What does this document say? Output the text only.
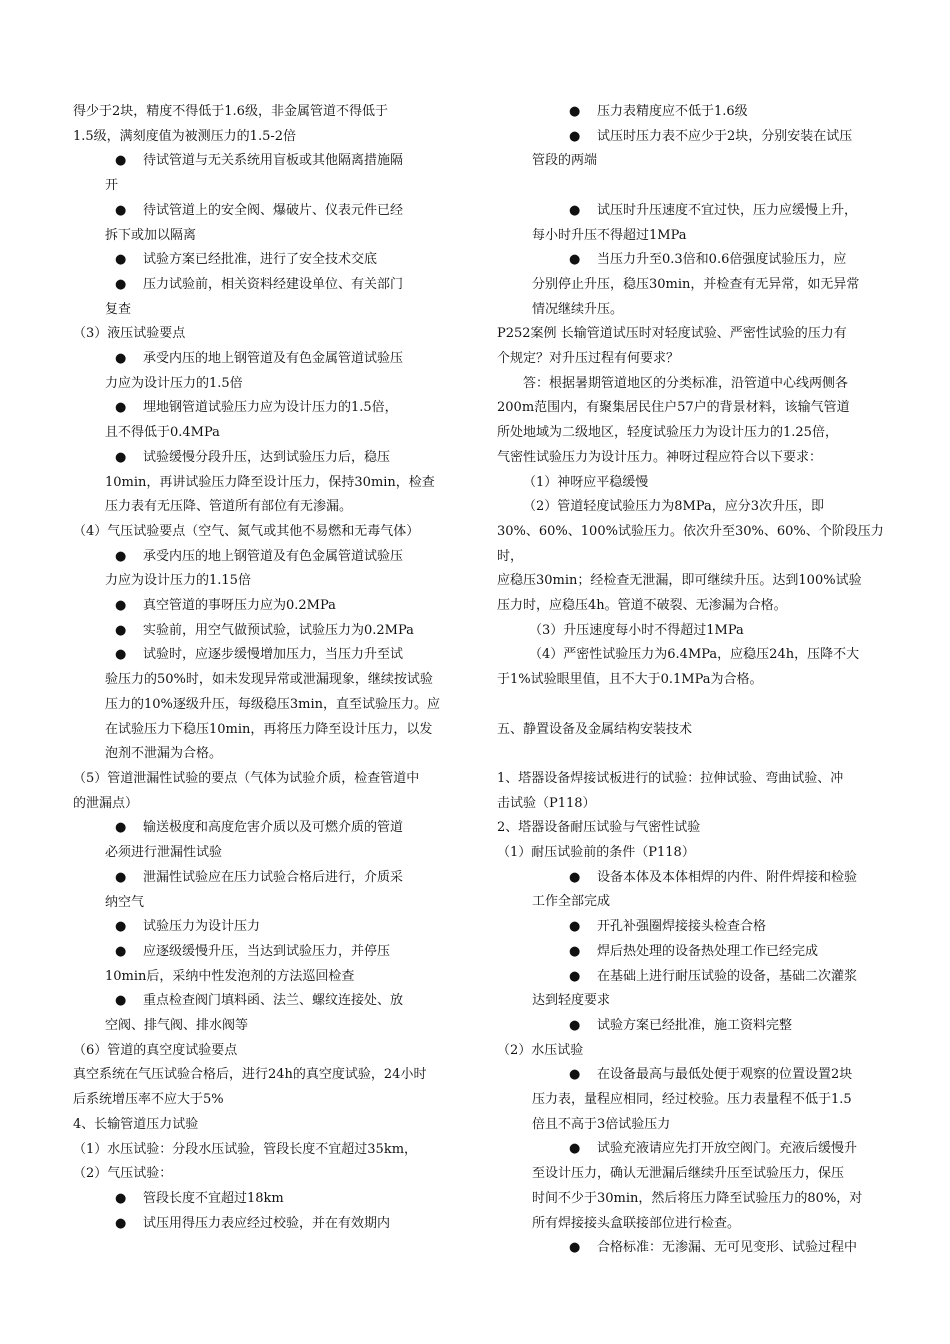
得少于2块，精度不得低于1.6级，非金属管道不得低于

1.5级，满刻度值为被测压力的1.5-2倍

● 待试管道与无关系统用盲板或其他隔离措施隔
开
● 待试管道上的安全阀、爆破片、仪表元件已经
拆下或加以隔离
● 试验方案已经批准，进行了安全技术交底
● 压力试验前，相关资料经建设单位、有关部门
复查

（3）液压试验要点

● 承受内压的地上钢管道及有色金属管道试验压
力应为设计压力的1.5倍
● 埋地钢管道试验压力应为设计压力的1.5倍，
且不得低于0.4MPa
● 试验缓慢分段升压，达到试验压力后，稳压
10min，再讲试验压力降至设计压力，保持30min，检查
压力表有无压降、管道所有部位有无渗漏。

（4）气压试验要点（空气、氮气或其他不易燃和无毒气体）

● 承受内压的地上钢管道及有色金属管道试验压
力应为设计压力的1.15倍
● 真空管道的事呀压力应为0.2MPa
● 实验前，用空气做预试验，试验压力为0.2MPa
● 试验时，应逐步缓慢增加压力，当压力升至试
验压力的50%时，如未发现异常或泄漏现象，继续按试验
压力的10%逐级升压，每级稳压3min，直至试验压力。应
在试验压力下稳压10min，再将压力降至设计压力，以发
泡剂不泄漏为合格。

（5）管道泄漏性试验的要点（气体为试验介质，检查管道中

的泄漏点）

● 输送极度和高度危害介质以及可燃介质的管道
必须进行泄漏性试验
● 泄漏性试验应在压力试验合格后进行，介质采
纳空气
● 试验压力为设计压力
● 应逐级缓慢升压，当达到试验压力，并停压
10min后，采纳中性发泡剂的方法巡回检查
● 重点检查阀门填料函、法兰、螺纹连接处、放
空阀、排气阀、排水阀等

（6）管道的真空度试验要点

真空系统在气压试验合格后，进行24h的真空度试验，24小时

后系统增压率不应大于5%

4、长输管道压力试验

（1）水压试验：分段水压试验，管段长度不宜超过35km，

（2）气压试验：

● 管段长度不宜超过18km
● 试压用得压力表应经过校验，并在有效期内
● 压力表精度应不低于1.6级
● 试压时压力表不应少于2块，分别安装在试压
管段的两端
● 试压时升压速度不宜过快，压力应缓慢上升，
每小时升压不得超过1MPa
● 当压力升至0.3倍和0.6倍强度试验压力，应
分别停止升压，稳压30min，并检查有无异常，如无异常
情况继续升压。

P252案例 长输管道试压时对轻度试验、严密性试验的压力有

个规定？对升压过程有何要求？

答：根据暑期管道地区的分类标准，沿管道中心线两侧各

200m范围内，有聚集居民住户57户的背景材料，该输气管道

所处地域为二级地区，轻度试验压力为设计压力的1.25倍，

气密性试验压力为设计压力。神呀过程应符合以下要求：

（1）神呀应平稳缓慢

（2）管道轻度试验压力为8MPa，应分3次升压，即

30%、60%、100%试验压力。依次升至30%、60%、个阶段压力时，

应稳压30min；经检查无泄漏，即可继续升压。达到100%试验

压力时，应稳压4h。管道不破裂、无渗漏为合格。

（3）升压速度每小时不得超过1MPa

（4）严密性试验压力为6.4MPa，应稳压24h，压降不大

于1%试验眼里值，且不大于0.1MPa为合格。

五、静置设备及金属结构安装技术

1、塔器设备焊接试板进行的试验：拉伸试验、弯曲试验、冲

击试验（P118）

2、塔器设备耐压试验与气密性试验

（1）耐压试验前的条件（P118）

● 设备本体及本体相焊的内件、附件焊接和检验
工作全部完成
● 开孔补强圈焊接接头检查合格
● 焊后热处理的设备热处理工作已经完成
● 在基础上进行耐压试验的设备，基础二次灌浆
达到轻度要求
● 试验方案已经批准，施工资料完整

（2）水压试验

● 在设备最高与最低处便于观察的位置设置2块
压力表，量程应相同，经过校验。压力表量程不低于1.5
倍且不高于3倍试验压力
● 试验充液请应先打开放空阀门。充液后缓慢升
至设计压力，确认无泄漏后继续升压至试验压力，保压
时间不少于30min，然后将压力降至试验压力的80%，对
所有焊接接头盒联接部位进行检查。
● 合格标准：无渗漏、无可见变形、试验过程中
